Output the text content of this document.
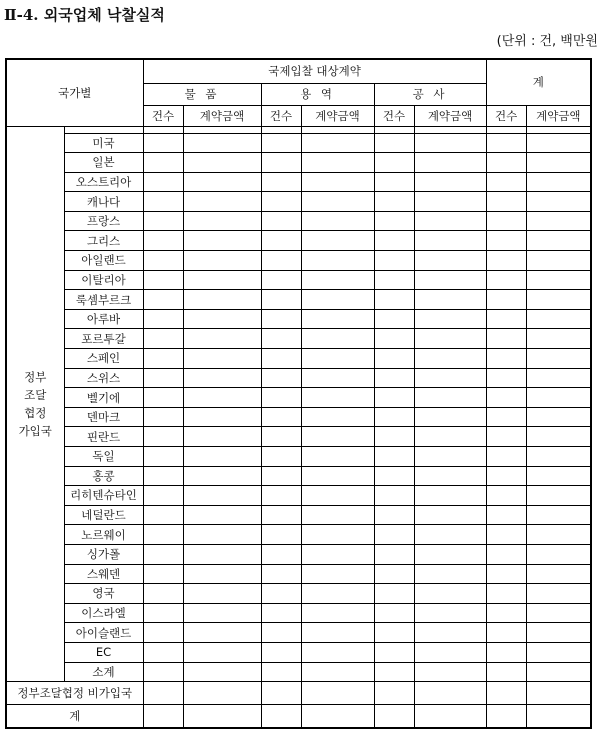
Ⅱ-4. 외국업체 낙찰실적
(단위 : 건, 백만원
국가별		국제입찰 대상계약						계	
		물 품		용 역		공 사			
		건수	계약금액	건수	계약금액	건수	계약금액	건수	계약금액

정부
조달
협정
가입국									

	미국								
	일본								
	오스트리아								
	캐나다								
	프랑스								
	그리스								
	아일랜드								
	이탈리아								
	룩셈부르크								
	아루바								
	포르투갈								
	스페인								
	스위스								
	벨기에								
	덴마크								
	핀란드								
	독일								
	홍콩								
	리히텐슈타인								
	네덜란드								
	노르웨이								
	싱가폴								
	스웨덴								
	영국								
	이스라엘								
	아이슬랜드								
	EC								
	소계								
정부조달협정 비가입국									
계									
